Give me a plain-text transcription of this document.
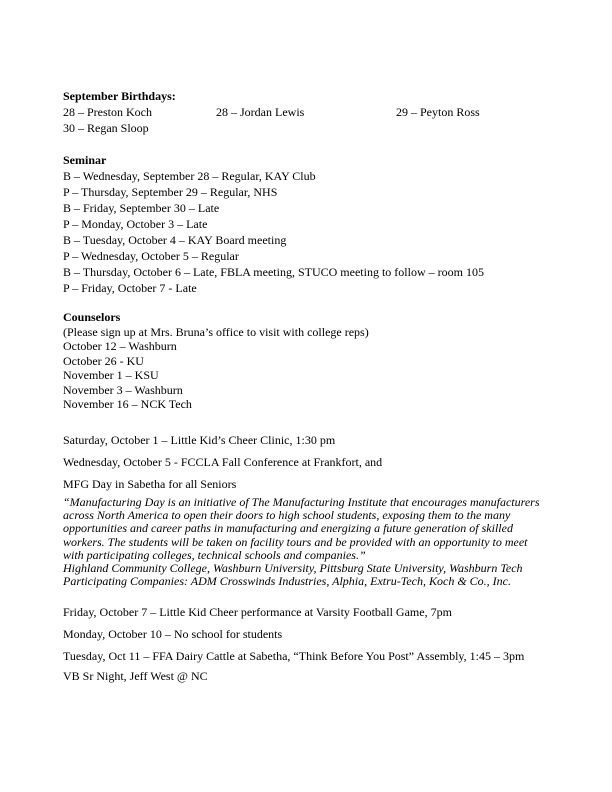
September Birthdays:
28 – Preston Koch	28 – Jordan Lewis	29 – Peyton Ross
30 – Regan Sloop
Seminar
B – Wednesday, September 28 – Regular, KAY Club
P – Thursday, September 29 – Regular, NHS
B – Friday, September 30 – Late
P – Monday, October 3 – Late
B – Tuesday, October 4 – KAY Board meeting
P – Wednesday, October 5 – Regular
B – Thursday, October 6 – Late, FBLA meeting, STUCO meeting to follow – room 105
P – Friday, October 7 - Late
Counselors
(Please sign up at Mrs. Bruna’s office to visit with college reps)
October 12 – Washburn
October 26 - KU
November 1 – KSU
November 3 – Washburn
November 16 – NCK Tech
Saturday, October 1 – Little Kid’s Cheer Clinic, 1:30 pm
Wednesday, October 5 - FCCLA Fall Conference at Frankfort, and
MFG Day in Sabetha for all Seniors
“Manufacturing Day is an initiative of The Manufacturing Institute that encourages manufacturers
across North America to open their doors to high school students, exposing them to the many
opportunities and career paths in manufacturing and energizing a future generation of skilled
workers. The students will be taken on facility tours and be provided with an opportunity to meet
with participating colleges, technical schools and companies.”
Highland Community College, Washburn University, Pittsburg State University, Washburn Tech
Participating Companies: ADM Crosswinds Industries, Alphia, Extru-Tech, Koch & Co., Inc.
Friday, October 7 – Little Kid Cheer performance at Varsity Football Game, 7pm
Monday, October 10 – No school for students
Tuesday, Oct 11 – FFA Dairy Cattle at Sabetha, “Think Before You Post” Assembly, 1:45 – 3pm
VB Sr Night, Jeff West @ NC
